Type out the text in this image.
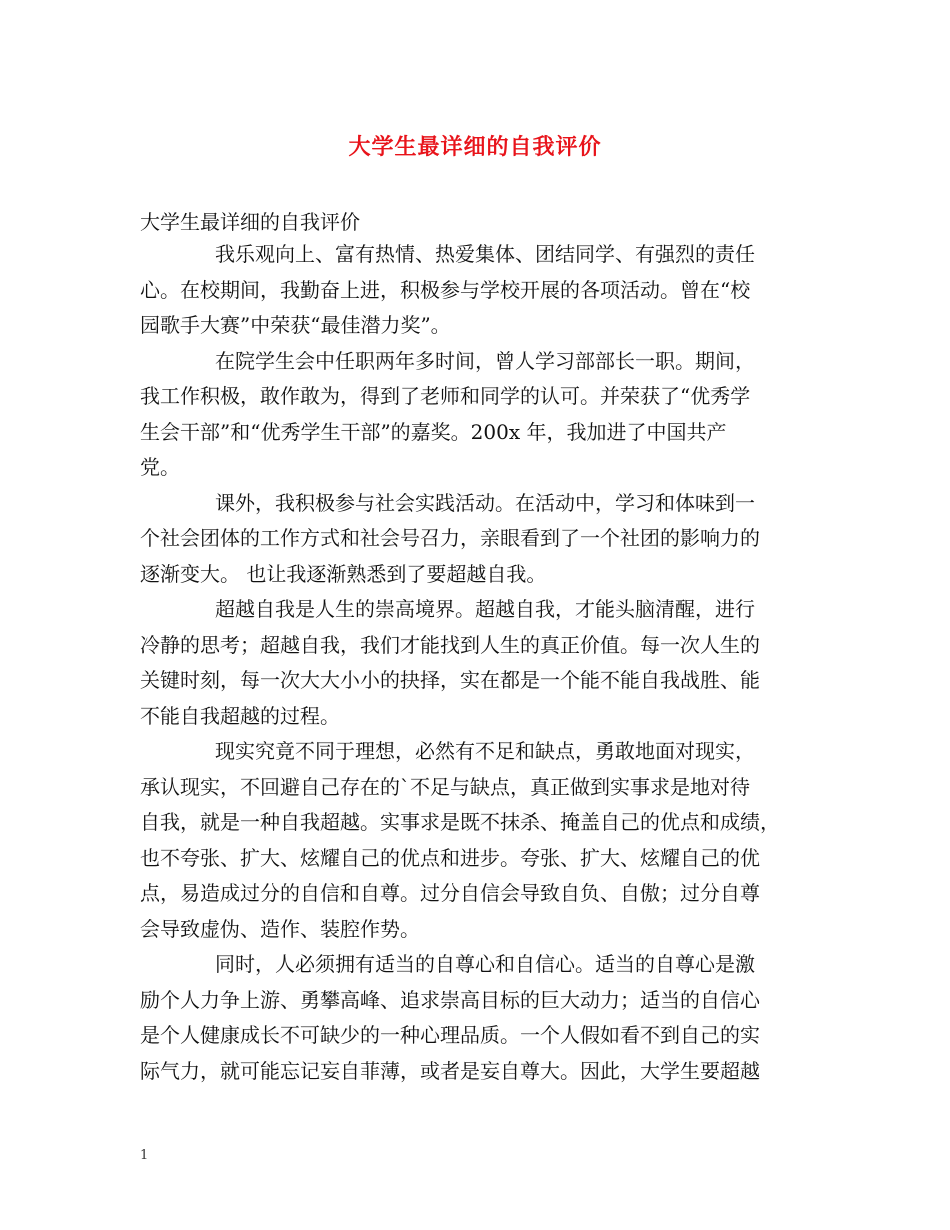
大学生最详细的自我评价
大学生最详细的自我评价
我乐观向上、富有热情、热爱集体、团结同学、有强烈的责任
心。在校期间，我勤奋上进，积极参与学校开展的各项活动。曾在“校
园歌手大赛”中荣获“最佳潜力奖”。
在院学生会中任职两年多时间，曾人学习部部长一职。期间，
我工作积极，敢作敢为，得到了老师和同学的认可。并荣获了“优秀学
生会干部”和“优秀学生干部”的嘉奖。200x 年，我加进了中国共产
党。
课外，我积极参与社会实践活动。在活动中，学习和体味到一
个社会团体的工作方式和社会号召力，亲眼看到了一个社团的影响力的
逐渐变大。 也让我逐渐熟悉到了要超越自我。
超越自我是人生的崇高境界。超越自我，才能头脑清醒，进行
冷静的思考；超越自我，我们才能找到人生的真正价值。每一次人生的
关键时刻，每一次大大小小的抉择，实在都是一个能不能自我战胜、能
不能自我超越的过程。
现实究竟不同于理想，必然有不足和缺点，勇敢地面对现实，
承认现实，不回避自己存在的`不足与缺点，真正做到实事求是地对待
自我，就是一种自我超越。实事求是既不抹杀、掩盖自己的优点和成绩，
也不夸张、扩大、炫耀自己的优点和进步。夸张、扩大、炫耀自己的优
点，易造成过分的自信和自尊。过分自信会导致自负、自傲；过分自尊
会导致虚伪、造作、装腔作势。
同时，人必须拥有适当的自尊心和自信心。适当的自尊心是激
励个人力争上游、勇攀高峰、追求崇高目标的巨大动力；适当的自信心
是个人健康成长不可缺少的一种心理品质。一个人假如看不到自己的实
际气力，就可能忘记妄自菲薄，或者是妄自尊大。因此，大学生要超越
1
